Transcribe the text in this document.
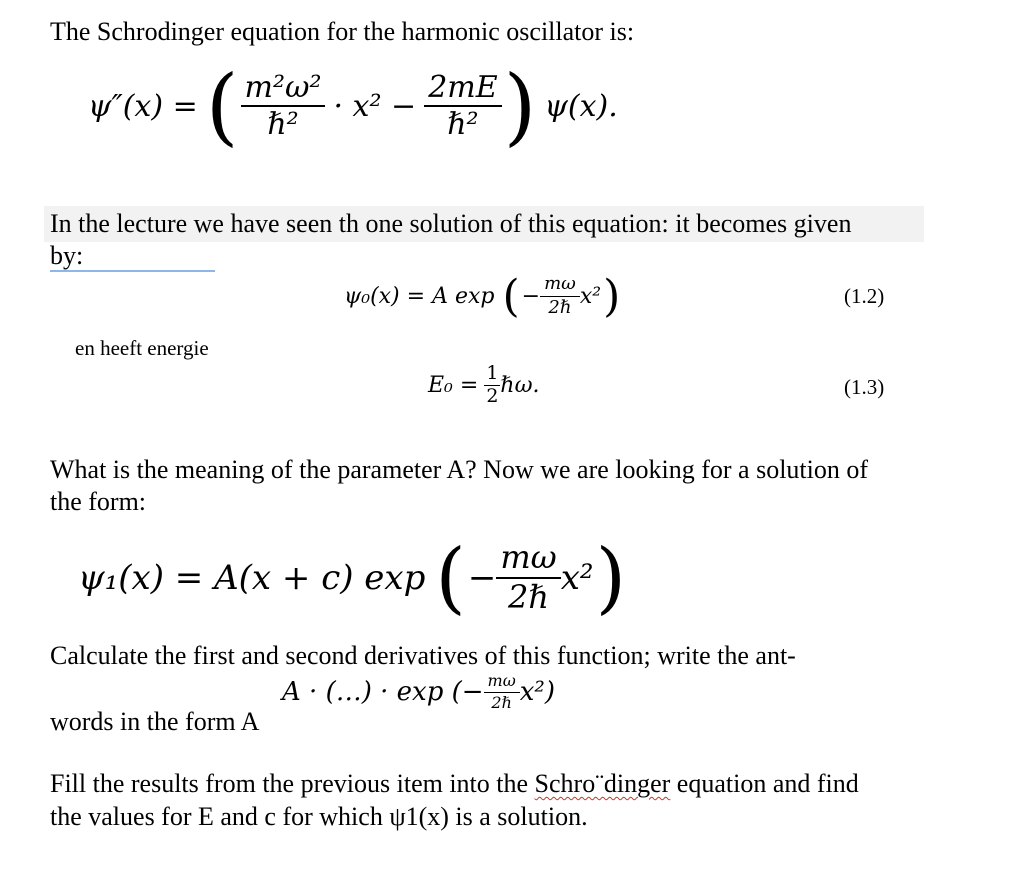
The Schrodinger equation for the harmonic oscillator is:
ψ″(x) = ( $\frac{\text{m²ω²}}{\text{ℏ²}} \cdot x^2 - \frac{2mE}{\text{ℏ²}}$ ) ψ(x).
In the lecture we have seen th one solution of this equation: it becomes given
by:
ψ₀(x) = A exp ( − $\frac{m\omega}{\text{2ℏ}} x^2$ )	(1.2)
en heeft energie
$E_0 = \frac{1}{2}$ ℏω.	(1.3)
What is the meaning of the parameter A? Now we are looking for a solution of
the form:
ψ₁(x) = A(x + c) exp ( − $\frac{m\omega}{\text{2ℏ}} x^2$ )
Calculate the first and second derivatives of this function; write the ant-
A · (…) · exp (− $\frac{m\omega}{\text{2ℏ}} x^2$)
words in the form A
Fill the results from the previous item into the Schro¨dinger equation and find
the values for E and c for which ψ1(x) is a solution.
